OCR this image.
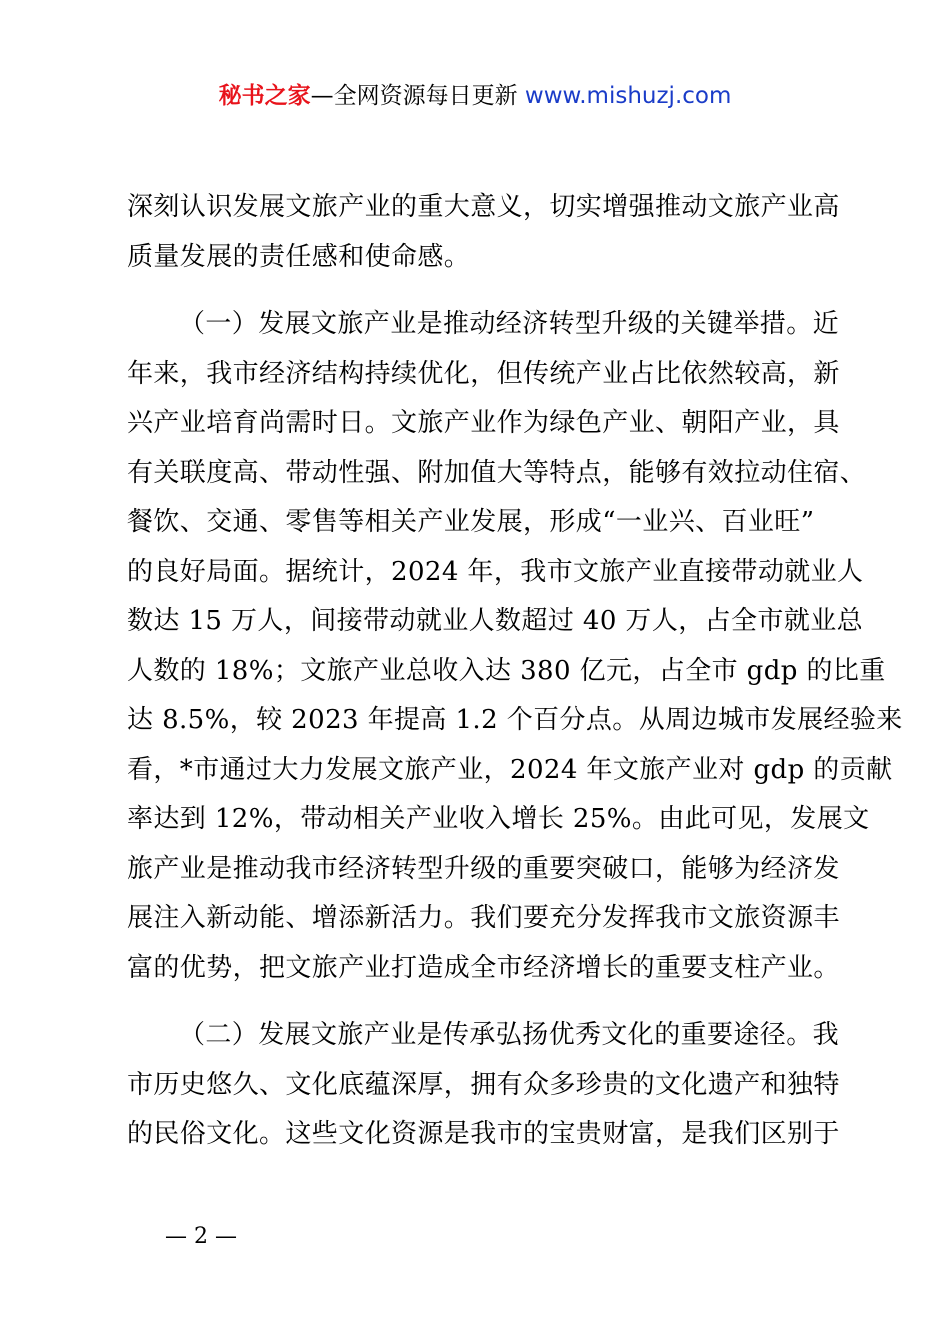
秘书之家—全网资源每日更新 www.mishuzj.com
深刻认识发展文旅产业的重大意义，切实增强推动文旅产业高
质量发展的责任感和使命感。
（一）发展文旅产业是推动经济转型升级的关键举措。近
年来，我市经济结构持续优化，但传统产业占比依然较高，新
兴产业培育尚需时日。文旅产业作为绿色产业、朝阳产业，具
有关联度高、带动性强、附加值大等特点，能够有效拉动住宿、
餐饮、交通、零售等相关产业发展，形成“一业兴、百业旺”
的良好局面。据统计，2024 年，我市文旅产业直接带动就业人
数达 15 万人，间接带动就业人数超过 40 万人，占全市就业总
人数的 18%；文旅产业总收入达 380 亿元，占全市 gdp 的比重
达 8.5%，较 2023 年提高 1.2 个百分点。从周边城市发展经验来
看，*市通过大力发展文旅产业，2024 年文旅产业对 gdp 的贡献
率达到 12%，带动相关产业收入增长 25%。由此可见，发展文
旅产业是推动我市经济转型升级的重要突破口，能够为经济发
展注入新动能、增添新活力。我们要充分发挥我市文旅资源丰
富的优势，把文旅产业打造成全市经济增长的重要支柱产业。
（二）发展文旅产业是传承弘扬优秀文化的重要途径。我
市历史悠久、文化底蕴深厚，拥有众多珍贵的文化遗产和独特
的民俗文化。这些文化资源是我市的宝贵财富，是我们区别于
— 2 —
